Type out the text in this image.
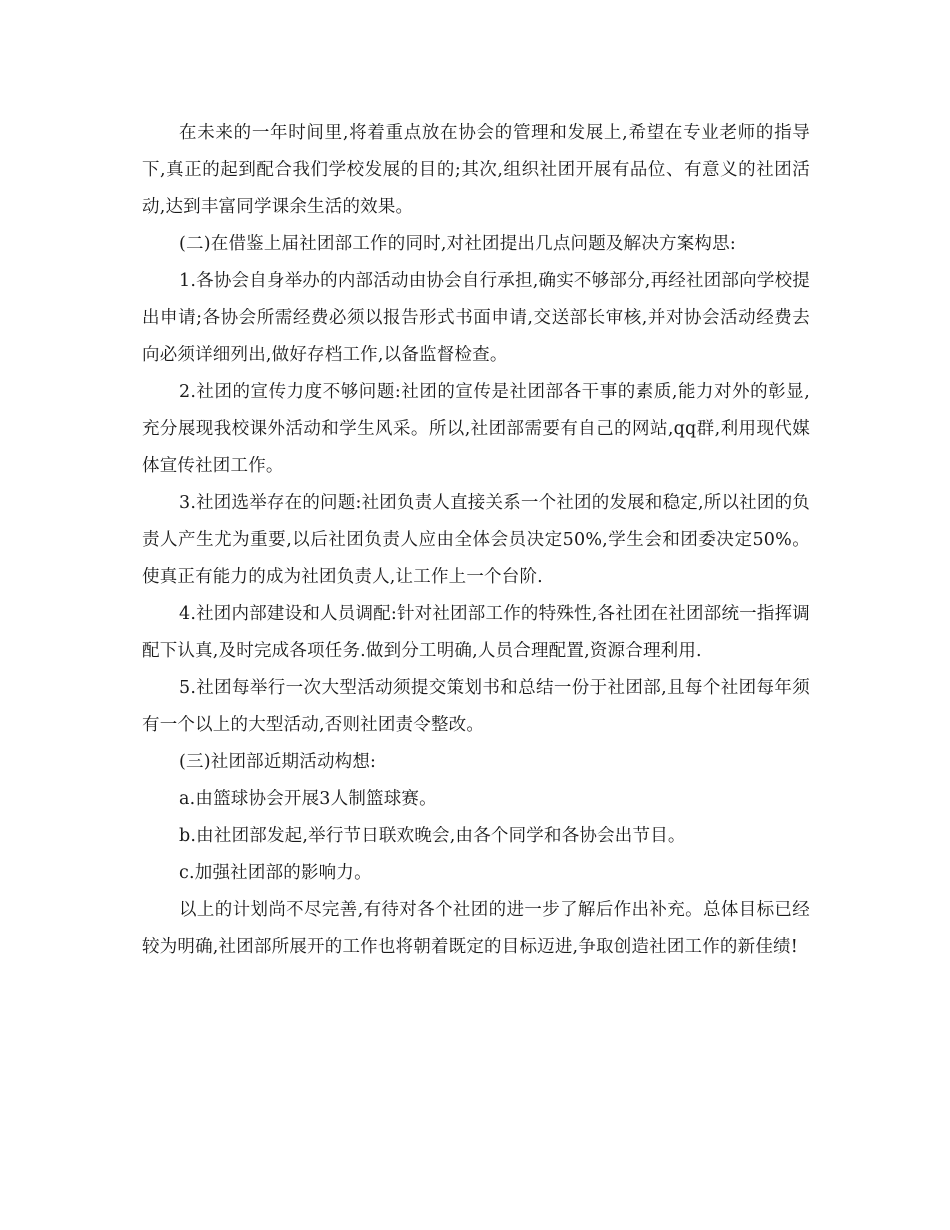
在未来的一年时间里,将着重点放在协会的管理和发展上,希望在专业老师的指导下,真正的起到配合我们学校发展的目的;其次,组织社团开展有品位、有意义的社团活动,达到丰富同学课余生活的效果。

(二)在借鉴上届社团部工作的同时,对社团提出几点问题及解决方案构思:

1.各协会自身举办的内部活动由协会自行承担,确实不够部分,再经社团部向学校提出申请;各协会所需经费必须以报告形式书面申请,交送部长审核,并对协会活动经费去向必须详细列出,做好存档工作,以备监督检查。

2.社团的宣传力度不够问题:社团的宣传是社团部各干事的素质,能力对外的彰显,充分展现我校课外活动和学生风采。所以,社团部需要有自己的网站,qq群,利用现代媒体宣传社团工作。

3.社团选举存在的问题:社团负责人直接关系一个社团的发展和稳定,所以社团的负责人产生尤为重要,以后社团负责人应由全体会员决定50%,学生会和团委决定50%。使真正有能力的成为社团负责人,让工作上一个台阶.

4.社团内部建设和人员调配:针对社团部工作的特殊性,各社团在社团部统一指挥调配下认真,及时完成各项任务.做到分工明确,人员合理配置,资源合理利用.

5.社团每举行一次大型活动须提交策划书和总结一份于社团部,且每个社团每年须有一个以上的大型活动,否则社团责令整改。

(三)社团部近期活动构想:

a.由篮球协会开展3人制篮球赛。

b.由社团部发起,举行节日联欢晚会,由各个同学和各协会出节目。

c.加强社团部的影响力。

以上的计划尚不尽完善,有待对各个社团的进一步了解后作出补充。总体目标已经较为明确,社团部所展开的工作也将朝着既定的目标迈进,争取创造社团工作的新佳绩!
